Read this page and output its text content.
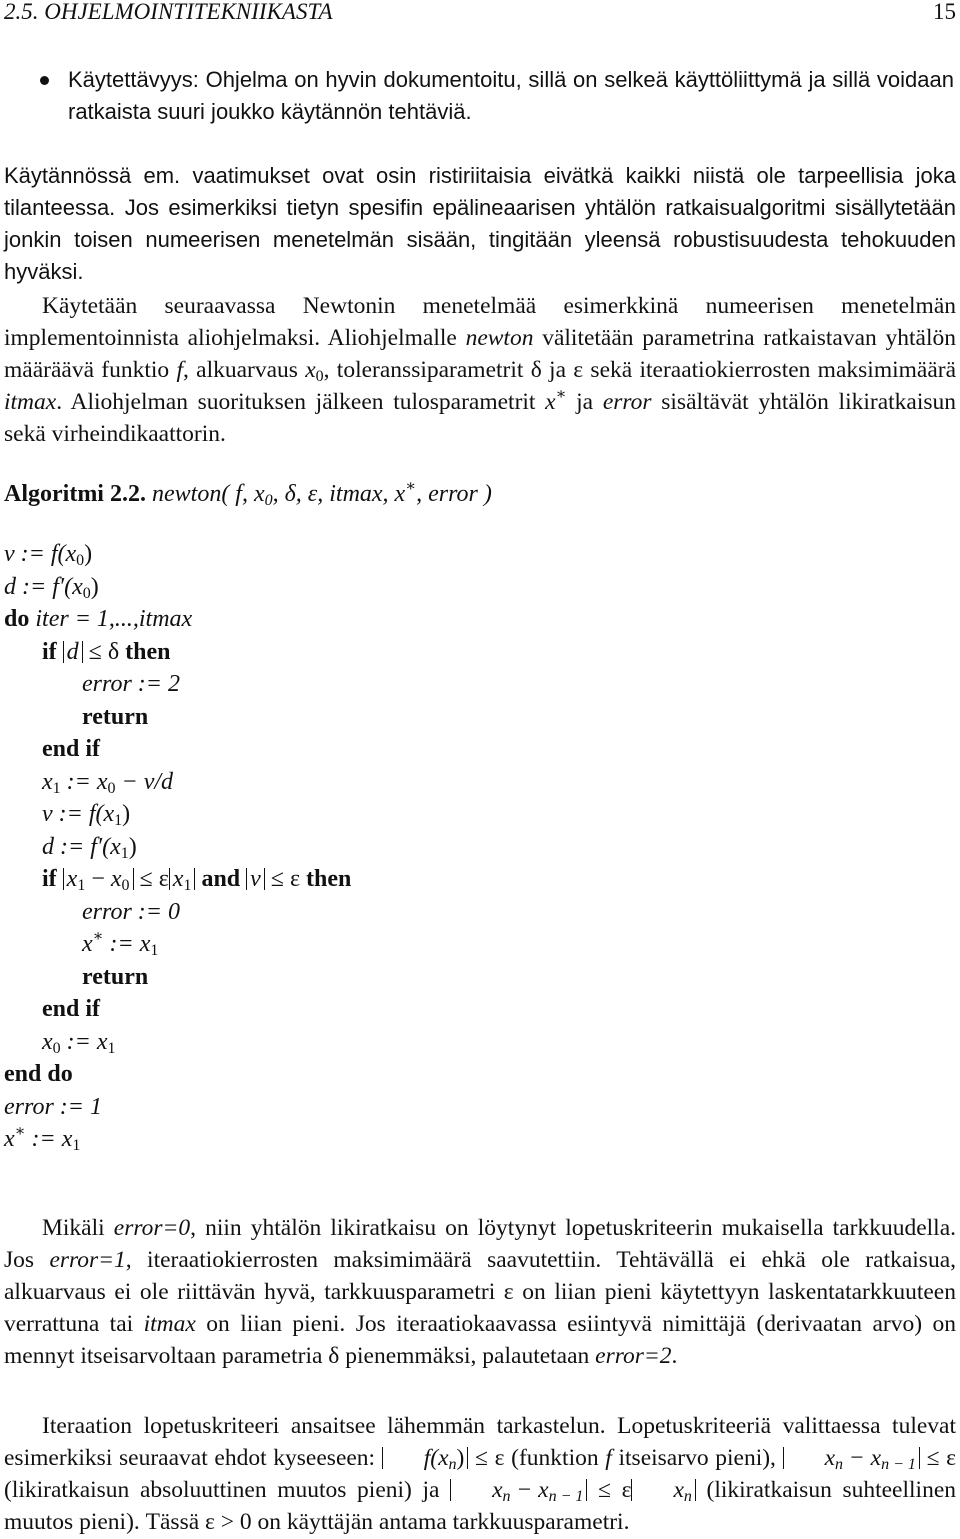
2.5. OHJELMOINTITEKNIIKASTA	15
Käytettävyys: Ohjelma on hyvin dokumentoitu, sillä on selkeä käyttöliittymä ja sillä voidaan ratkaista suuri joukko käytännön tehtäviä.
Käytännössä em. vaatimukset ovat osin ristiriitaisia eivätkä kaikki niistä ole tarpeellisia joka tilanteessa. Jos esimerkiksi tietyn spesifin epälineaarisen yhtälön ratkaisualgoritmi sisällytetään jonkin toisen numeerisen menetelmän sisään, tingitään yleensä robustisuudesta tehokuuden hyväksi.
Käytetään seuraavassa Newtonin menetelmää esimerkkinä numeerisen menetelmän implementoinnista aliohjelmaksi. Aliohjelmalle newton välitetään parametrina ratkaistavan yhtälön määräävä funktio f, alkuarvaus $x_0$, toleranssiparametrit δ ja ε sekä iteraatiokierrosten maksimimäärä itmax. Aliohjelman suorituksen jälkeen tulosparametrit x∗ ja error sisältävät yhtälön likiratkaisun sekä virheindikaattorin.
Algoritmi 2.2. newton( f, $x_0$, δ, ε, itmax, x∗, error )
v := $f(x_0)$
d := $f'(x_0)$
do iter = 1,...,itmax
if d ≤ δ then
error := 2
return
end if
$x_1$ := $x_0 - v/d$
v := $f(x_1)$
d := $f'(x_1)$
if $x_1 - x_0 \le \varepsilon$ $x_1$ and v ≤ ε then
error := 0
x∗ := $x_1$
return
end if
$x_0$ := $x_1$
end do
error := 1
x∗ := $x_1$
Mikäli error=0, niin yhtälön likiratkaisu on löytynyt lopetuskriteerin mukaisella tarkkuudella. Jos error=1, iteraatiokierrosten maksimimäärä saavutettiin. Tehtävällä ei ehkä ole ratkaisua, alkuarvaus ei ole riittävän hyvä, tarkkuusparametri ε on liian pieni käytettyyn laskentatarkkuuteen verrattuna tai itmax on liian pieni. Jos iteraatiokaavassa esiintyvä nimittäjä (derivaatan arvo) on mennyt itseisarvoltaan parametria δ pienemmäksi, palautetaan error=2.
Iteraation lopetuskriteeri ansaitsee lähemmän tarkastelun. Lopetuskriteeriä valittaessa tulevat esimerkiksi seuraavat ehdot kyseeseen: $f(x_n) \le \varepsilon$ (funktion f itseisarvo pieni), $x_n - x_{n - 1} \le \varepsilon$ (likiratkaisun absoluuttinen muutos pieni) ja $x_n - x_{n - 1} \le \varepsilon$ $x_n$ (likiratkaisun suhteellinen muutos pieni). Tässä ε > 0 on käyttäjän antama tarkkuusparametri.
